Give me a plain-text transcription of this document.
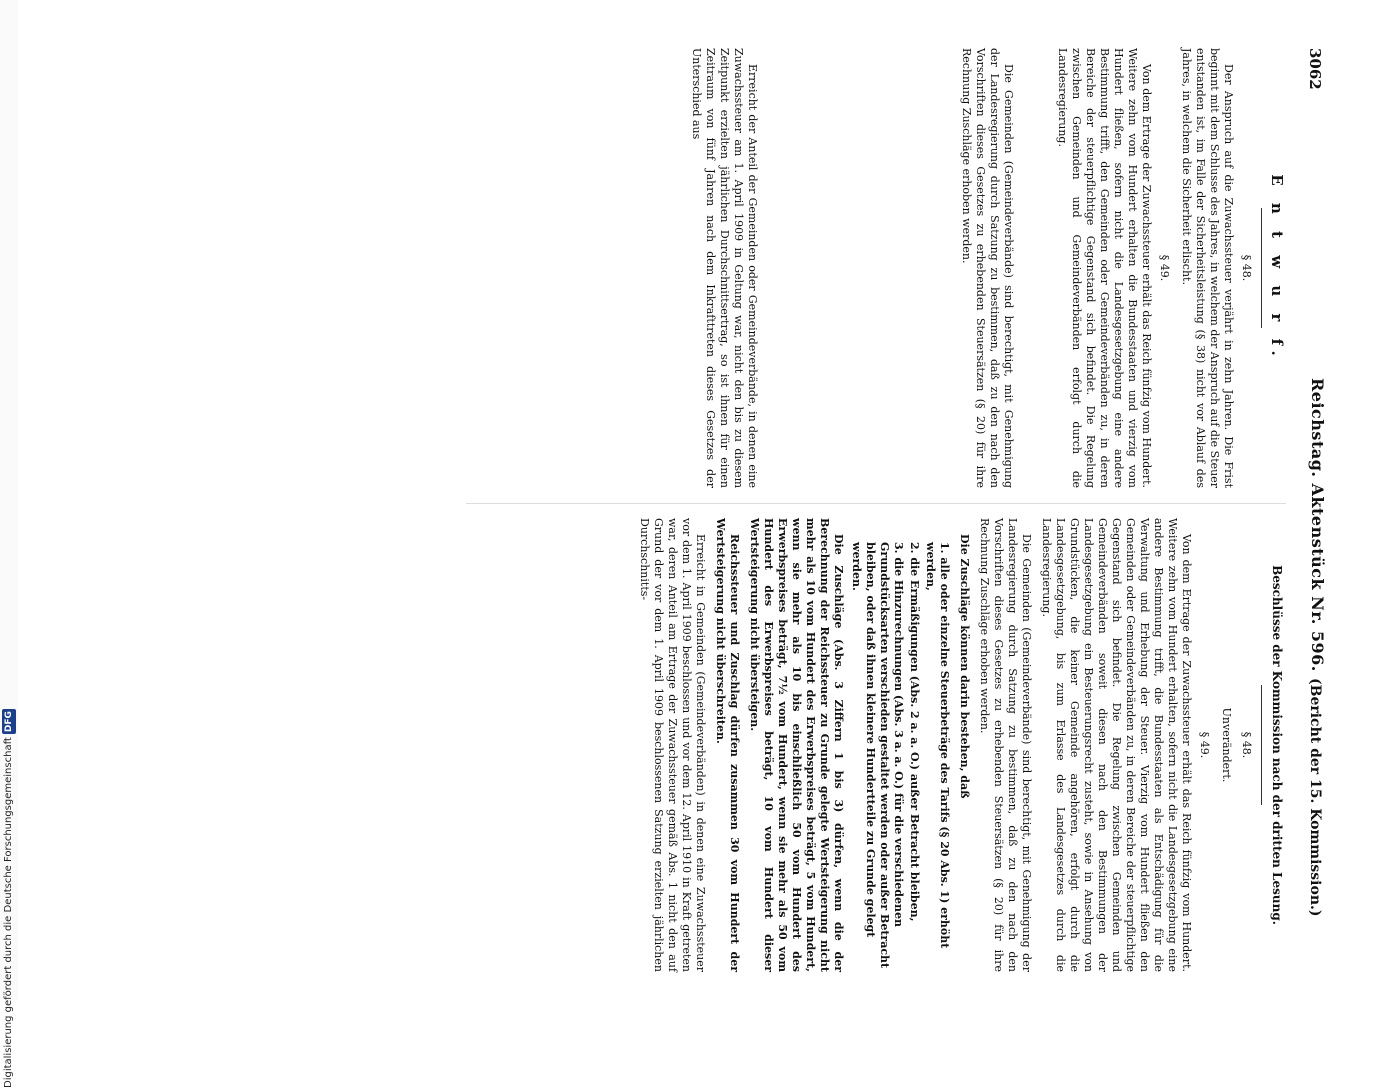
Digitalisierung gefördert durch die Deutsche ForschungsgemeinschaftDFG
3062
Reichstag. Aktenstück Nr. 596.
(Bericht der 15. Kommission.)
E n t w u r f.
§ 48.

Der Anspruch auf die Zuwachssteuer verjährt in zehn Jahren. Die Frist beginnt mit dem Schlusse des Jahres, in welchem der Anspruch auf die Steuer entstanden ist, im Falle der Sicherheitsleistung (§ 38) nicht vor Ablauf des Jahres, in welchem die Sicherheit erlischt.

§ 49.

Von dem Ertrage der Zuwachssteuer erhält das Reich fünfzig vom Hundert. Weitere zehn vom Hundert erhalten die Bundesstaaten und vierzig vom Hundert fließen, sofern nicht die Landesgesetzgebung eine andere Bestimmung trifft, den Gemeinden oder Gemeindeverbänden zu, in deren Bereiche der steuerpflichtige Gegenstand sich befindet. Die Regelung zwischen Gemeinden und Gemeindeverbänden erfolgt durch die Landesregierung.

Die Gemeinden (Gemeindeverbände) sind berechtigt, mit Genehmigung der Landesregierung durch Satzung zu bestimmen, daß zu den nach den Vorschriften dieses Gesetzes zu erhebenden Steuersätzen (§ 20) für ihre Rechnung Zuschläge erhoben werden.

Erreicht der Anteil der Gemeinden oder Gemeindeverbände, in denen eine Zuwachssteuer am 1. April 1909 in Geltung war, nicht den bis zu diesem Zeitpunkt erzielten jährlichen Durchschnittsertrag, so ist ihnen für einen Zeitraum von fünf Jahren nach dem Inkrafttreten dieses Gesetzes der Unterschied aus

Beschlüsse der Kommission nach der dritten Lesung.
§ 48.
Unverändert.
§ 49.

Von dem Ertrage der Zuwachssteuer erhält das Reich fünfzig vom Hundert. Weitere zehn vom Hundert erhalten, sofern nicht die Landesgesetzgebung eine andere Bestimmung trifft, die Bundesstaaten als Entschädigung für die Verwaltung und Erhebung der Steuer. Vierzig vom Hundert fließen den Gemeinden oder Gemeindeverbänden zu, in deren Bereiche der steuerpflichtige Gegenstand sich befindet. Die Regelung zwischen Gemeinden und Gemeindeverbänden soweit diesen nach den Bestimmungen der Landesgesetzgebung ein Besteuerungsrecht zusteht, sowie in Ansehung von Grundstücken, die keiner Gemeinde angehören, erfolgt durch die Landesgesetzgebung, bis zum Erlasse des Landesgesetzes durch die Landesregierung.

Die Gemeinden (Gemeindeverbände) sind berechtigt, mit Genehmigung der Landesregierung durch Satzung zu bestimmen, daß zu den nach den Vorschriften dieses Gesetzes zu erhebenden Steuersätzen (§ 20) für ihre Rechnung Zuschläge erhoben werden.

Die Zuschläge können darin bestehen, daß

1. alle oder einzelne Steuerbeträge des Tarifs (§ 20 Abs. 1) erhöht werden,
2. die Ermäßigungen (Abs. 2 a. a. O.) außer Betracht bleiben,
3. die Hinzurechnungen (Abs. 3 a. a. O.) für die verschiedenen Grundstücksarten verschieden gestaltet werden oder außer Betracht bleiben, oder daß ihnen kleinere Hundertteile zu Grunde gelegt werden.

Die Zuschläge (Abs. 3 Ziffern 1 bis 3) dürfen, wenn die der Berechnung der Reichssteuer zu Grunde gelegte Wertsteigerung nicht mehr als 10 vom Hundert des Erwerbspreises beträgt, 5 vom Hundert, wenn sie mehr als 10 bis einschließlich 50 vom Hundert des Erwerbspreises beträgt, 7½ vom Hundert, wenn sie mehr als 50 vom Hundert des Erwerbspreises beträgt, 10 vom Hundert dieser Wertsteigerung nicht übersteigen.

Reichssteuer und Zuschlag dürfen zusammen 30 vom Hundert der Wertsteigerung nicht überschreiten.

Erreicht in Gemeinden (Gemeindeverbänden) in denen eine Zuwachssteuer vor dem 1. April 1909 beschlossen und vor dem 12. April 1910 in Kraft getreten war, deren Anteil am Ertrage der Zuwachssteuer gemäß Abs. 1 nicht den auf Grund der vor dem 1. April 1909 beschlossenen Satzung erzielten jährlichen Durchschnitts-
